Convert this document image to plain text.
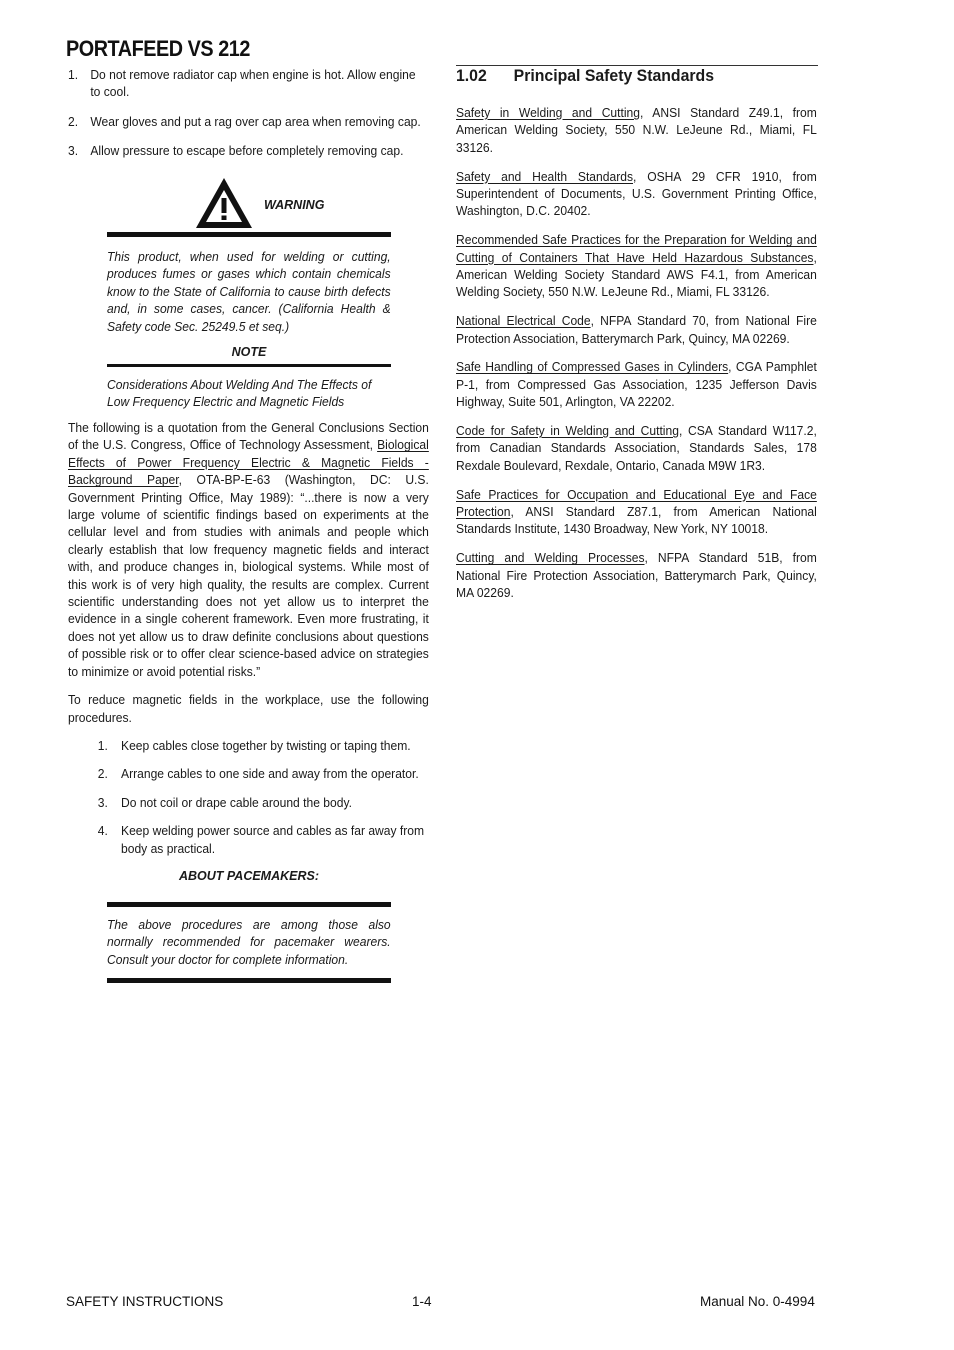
PORTAFEED VS 212
1. Do not remove radiator cap when engine is hot. Allow engine to cool.
2. Wear gloves and put a rag over cap area when removing cap.
3. Allow pressure to escape before completely removing cap.
WARNING
This product, when used for welding or cutting, produces fumes or gases which contain chemicals know to the State of California to cause birth defects and, in some cases, cancer. (California Health & Safety code Sec. 25249.5 et seq.)
NOTE
Considerations About Welding And The Effects of Low Frequency Electric and Magnetic Fields

The following is a quotation from the General Conclusions Section of the U.S. Congress, Office of Technology Assessment, Biological Effects of Power Frequency Electric & Magnetic Fields - Background Paper, OTA-BP-E-63 (Washington, DC: U.S. Government Printing Office, May 1989): “...there is now a very large volume of scientific findings based on experiments at the cellular level and from studies with animals and people which clearly establish that low frequency magnetic fields and interact with, and produce changes in, biological systems. While most of this work is of very high quality, the results are complex. Current scientific understanding does not yet allow us to interpret the evidence in a single coherent framework. Even more frustrating, it does not yet allow us to draw definite conclusions about questions of possible risk or to offer clear science-based advice on strategies to minimize or avoid potential risks.”

To reduce magnetic fields in the workplace, use the following procedures.

1. Keep cables close together by twisting or taping them.
2. Arrange cables to one side and away from the operator.
3. Do not coil or drape cable around the body.
4. Keep welding power source and cables as far away from body as practical.
ABOUT PACEMAKERS:
The above procedures are among those also normally recommended for pacemaker wearers. Consult your doctor for complete information.
1.02 Principal Safety Standards

Safety in Welding and Cutting, ANSI Standard Z49.1, from American Welding Society, 550 N.W. LeJeune Rd., Miami, FL 33126.

Safety and Health Standards, OSHA 29 CFR 1910, from Superintendent of Documents, U.S. Government Printing Office, Washington, D.C. 20402.

Recommended Safe Practices for the Preparation for Welding and Cutting of Containers That Have Held Hazardous Substances, American Welding Society Standard AWS F4.1, from American Welding Society, 550 N.W. LeJeune Rd., Miami, FL 33126.

National Electrical Code, NFPA Standard 70, from National Fire Protection Association, Batterymarch Park, Quincy, MA 02269.

Safe Handling of Compressed Gases in Cylinders, CGA Pamphlet P-1, from Compressed Gas Association, 1235 Jefferson Davis Highway, Suite 501, Arlington, VA 22202.

Code for Safety in Welding and Cutting, CSA Standard W117.2, from Canadian Standards Association, Standards Sales, 178 Rexdale Boulevard, Rexdale, Ontario, Canada M9W 1R3.

Safe Practices for Occupation and Educational Eye and Face Protection, ANSI Standard Z87.1, from American National Standards Institute, 1430 Broadway, New York, NY 10018.

Cutting and Welding Processes, NFPA Standard 51B, from National Fire Protection Association, Batterymarch Park, Quincy, MA 02269.

SAFETY INSTRUCTIONS	1-4	Manual No. 0-4994
